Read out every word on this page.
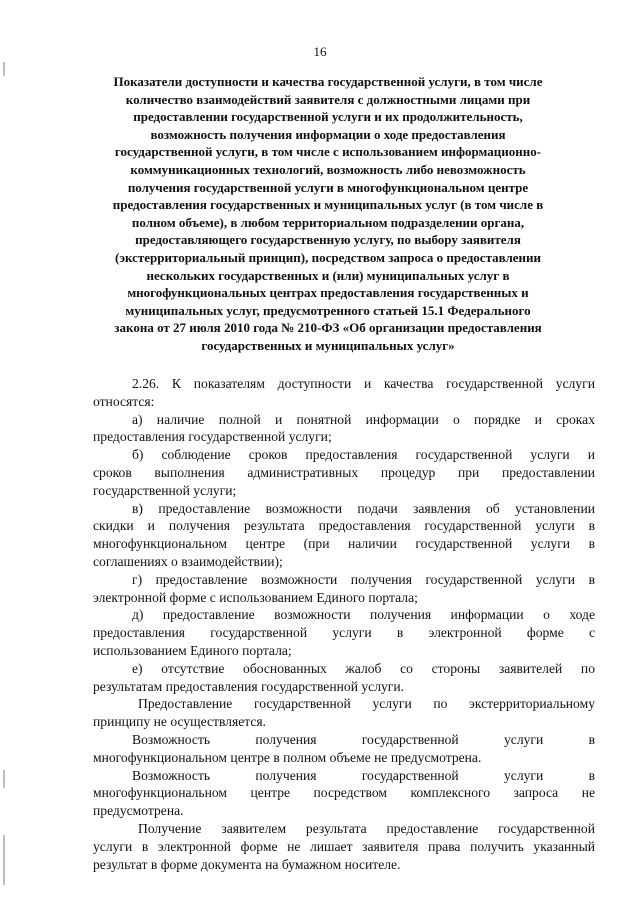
16
Показатели доступности и качества государственной услуги, в том числе
количество взаимодействий заявителя с должностными лицами при
предоставлении государственной услуги и их продолжительность,
возможность получения информации о ходе предоставления
государственной услуги, в том числе с использованием информационно-
коммуникационных технологий, возможность либо невозможность
получения государственной услуги в многофункциональном центре
предоставления государственных и муниципальных услуг (в том числе в
полном объеме), в любом территориальном подразделении органа,
предоставляющего государственную услугу, по выбору заявителя
(экстерриториальный принцип), посредством запроса о предоставлении
нескольких государственных и (или) муниципальных услуг в
многофункциональных центрах предоставления государственных и
муниципальных услуг, предусмотренного статьей 15.1 Федерального
закона от 27 июля 2010 года № 210-ФЗ «Об организации предоставления
государственных и муниципальных услуг»
2.26. К показателям доступности и качества государственной услуги
относятся:
а) наличие полной и понятной информации о порядке и сроках
предоставления государственной услуги;
б) соблюдение сроков предоставления государственной услуги и
сроков выполнения административных процедур при предоставлении
государственной услуги;
в) предоставление возможности подачи заявления об установлении
скидки и получения результата предоставления государственной услуги в
многофункциональном центре (при наличии государственной услуги в
соглашениях о взаимодействии);
г) предоставление возможности получения государственной услуги в
электронной форме с использованием Единого портала;
д) предоставление возможности получения информации о ходе
предоставления государственной услуги в электронной форме с
использованием Единого портала;
е) отсутствие обоснованных жалоб со стороны заявителей по
результатам предоставления государственной услуги.
Предоставление государственной услуги по экстерриториальному
принципу не осуществляется.
Возможность получения государственной услуги в
многофункциональном центре в полном объеме не предусмотрена.
Возможность получения государственной услуги в
многофункциональном центре посредством комплексного запроса не
предусмотрена.
Получение заявителем результата предоставление государственной
услуги в электронной форме не лишает заявителя права получить указанный
результат в форме документа на бумажном носителе.
